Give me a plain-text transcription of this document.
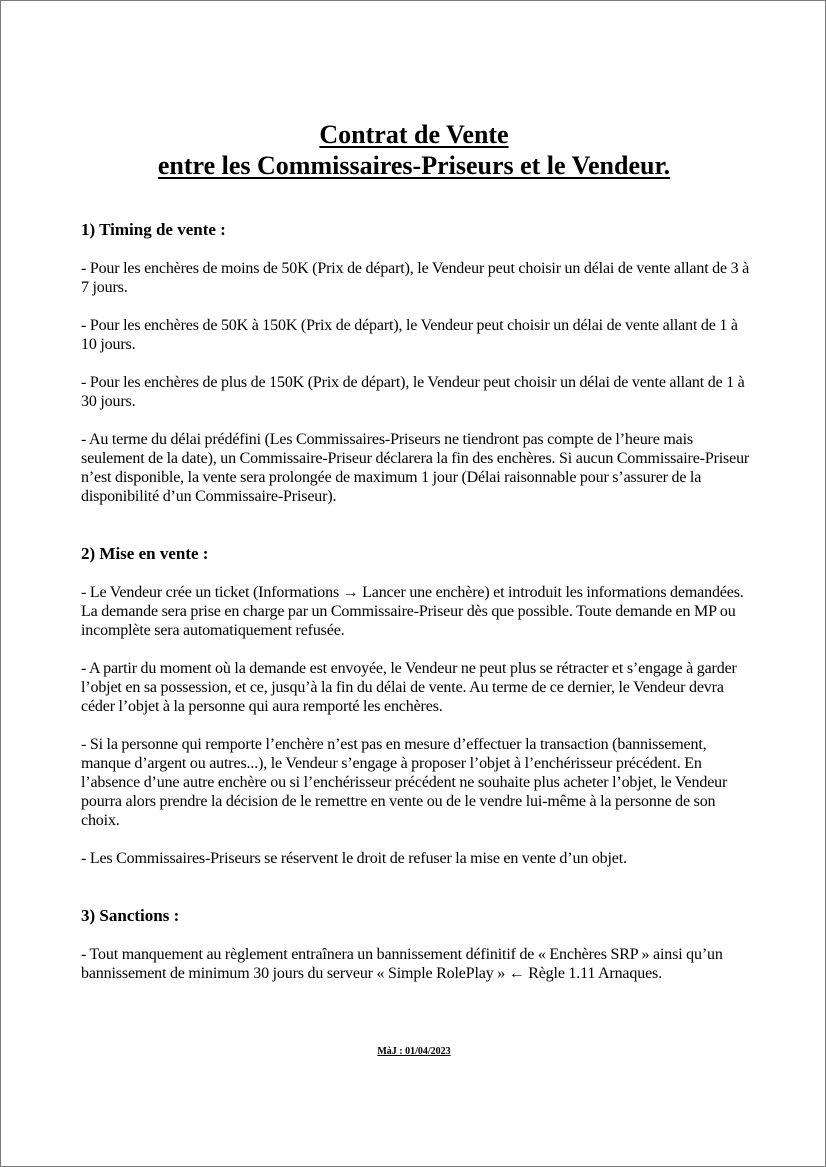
Contrat de Vente
entre les Commissaires-Priseurs et le Vendeur.

1) Timing de vente :

- Pour les enchères de moins de 50K (Prix de départ), le Vendeur peut choisir un délai de vente allant de 3 à 7 jours.

- Pour les enchères de 50K à 150K (Prix de départ), le Vendeur peut choisir un délai de vente allant de 1 à 10 jours.

- Pour les enchères de plus de 150K (Prix de départ), le Vendeur peut choisir un délai de vente allant de 1 à 30 jours.

- Au terme du délai prédéfini (Les Commissaires-Priseurs ne tiendront pas compte de l’heure mais seulement de la date), un Commissaire-Priseur déclarera la fin des enchères. Si aucun Commissaire-Priseur n’est disponible, la vente sera prolongée de maximum 1 jour (Délai raisonnable pour s’assurer de la disponibilité d’un Commissaire-Priseur).

2) Mise en vente :

- Le Vendeur crée un ticket (Informations → Lancer une enchère) et introduit les informations demandées. La demande sera prise en charge par un Commissaire-Priseur dès que possible. Toute demande en MP ou incomplète sera automatiquement refusée.

- A partir du moment où la demande est envoyée, le Vendeur ne peut plus se rétracter et s’engage à garder l’objet en sa possession, et ce, jusqu’à la fin du délai de vente. Au terme de ce dernier, le Vendeur devra céder l’objet à la personne qui aura remporté les enchères.

- Si la personne qui remporte l’enchère n’est pas en mesure d’effectuer la transaction (bannissement, manque d’argent ou autres...), le Vendeur s’engage à proposer l’objet à l’enchérisseur précédent. En l’absence d’une autre enchère ou si l’enchérisseur précédent ne souhaite plus acheter l’objet, le Vendeur pourra alors prendre la décision de le remettre en vente ou de le vendre lui-même à la personne de son choix.

- Les Commissaires-Priseurs se réservent le droit de refuser la mise en vente d’un objet.

3) Sanctions :

- Tout manquement au règlement entraînera un bannissement définitif de « Enchères SRP » ainsi qu’un bannissement de minimum 30 jours du serveur « Simple RolePlay » ← Règle 1.11 Arnaques.

MàJ : 01/04/2023
